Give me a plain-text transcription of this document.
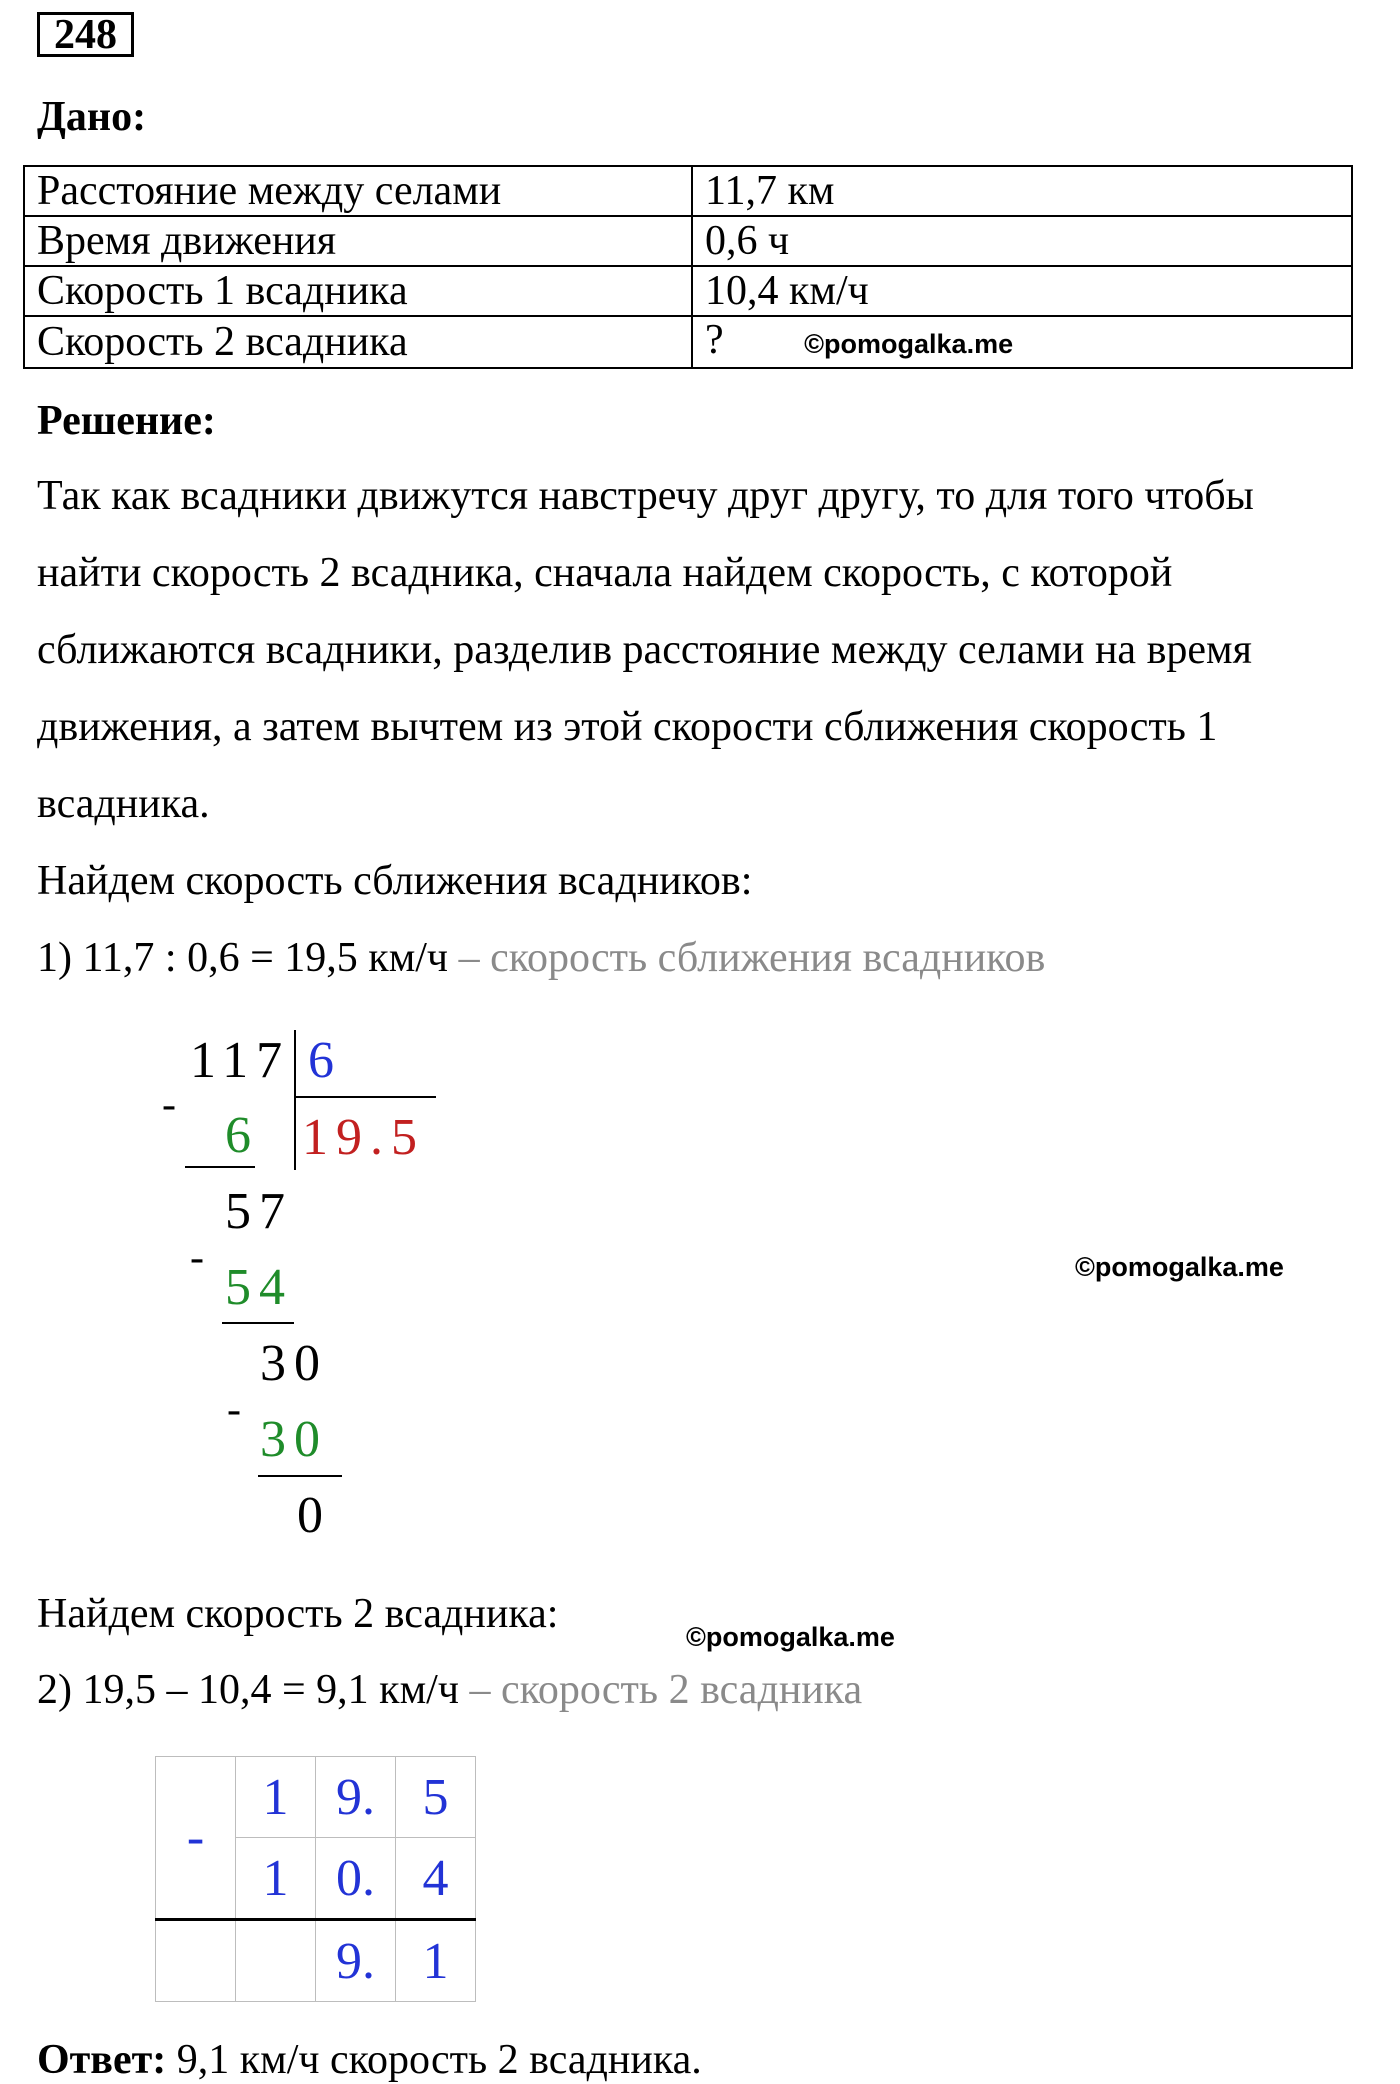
248
Дано:
Расстояние между селами	11,7 км
Время движения	0,6 ч
Скорость 1 всадника	10,4 км/ч
Скорость 2 всадника	? ©pomogalka.me
Решение:
Так как всадники движутся навстречу друг другу, то для того чтобы
найти скорость 2 всадника, сначала найдем скорость, с которой
сближаются всадники, разделив расстояние между селами на время
движения, а затем вычтем из этой скорости сближения скорость 1
всадника.
Найдем скорость сближения всадников:
1) 11,7 : 0,6 = 19,5 км/ч – скорость сближения всадников
117 6
19.5
-
6
57
-
54
30
-
30
0
©pomogalka.me
Найдем скорость 2 всадника:	©pomogalka.me
2) 19,5 – 10,4 = 9,1 км/ч – скорость 2 всадника
-	1	9.	5
	1	0.	4
		9.	1
Ответ: 9,1 км/ч скорость 2 всадника.
